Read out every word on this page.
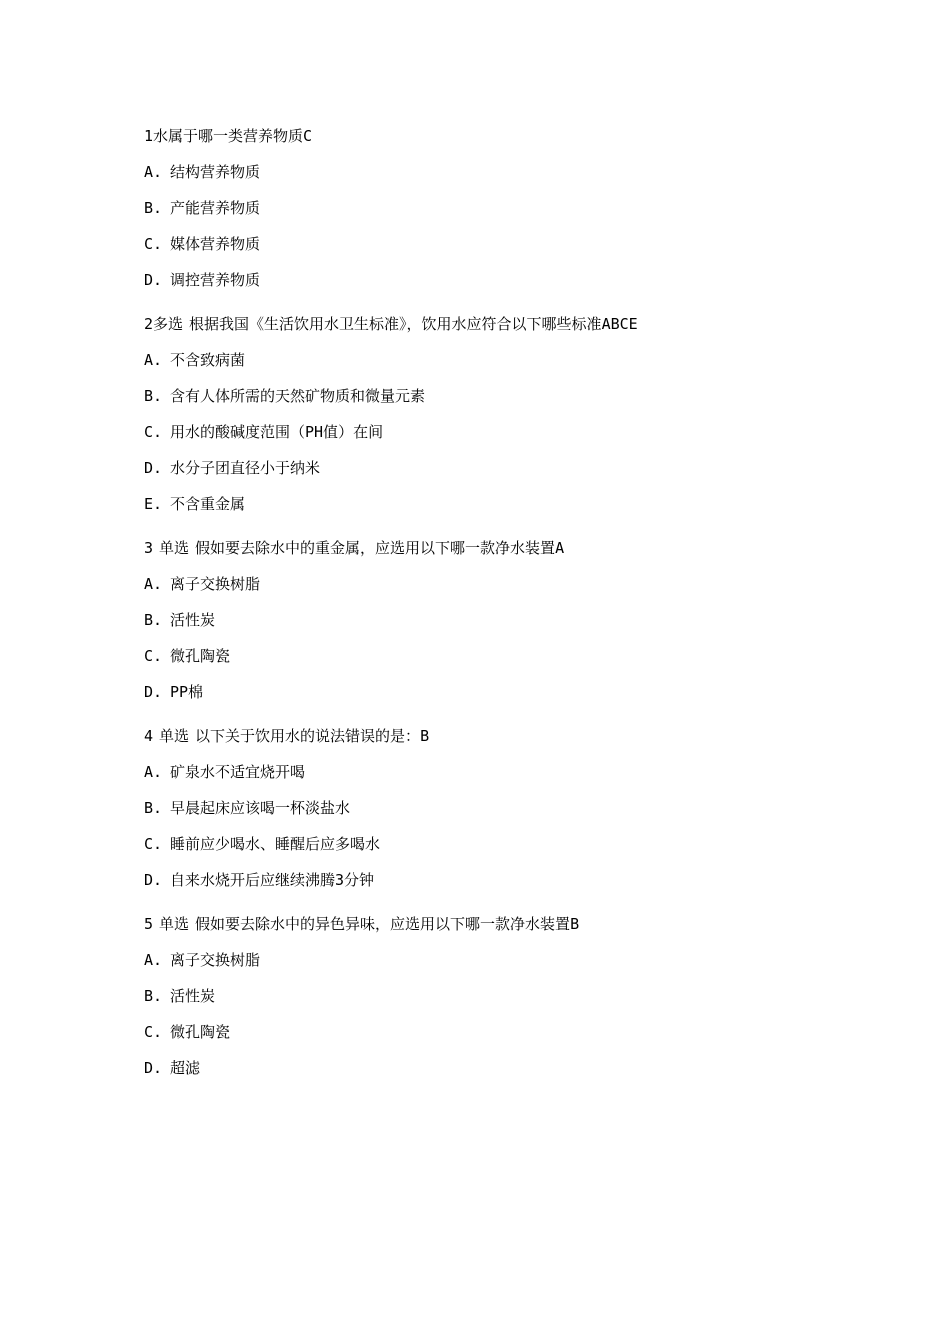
1水属于哪一类营养物质C
A. 结构营养物质
B. 产能营养物质
C. 媒体营养物质
D. 调控营养物质
2多选 根据我国《生活饮用水卫生标准》，饮用水应符合以下哪些标准ABCE
A. 不含致病菌
B. 含有人体所需的天然矿物质和微量元素
C. 用水的酸碱度范围（PH值）在间
D. 水分子团直径小于纳米
E. 不含重金属
3 单选 假如要去除水中的重金属，应选用以下哪一款净水装置A
A. 离子交换树脂
B. 活性炭
C. 微孔陶瓷
D. PP棉
4 单选 以下关于饮用水的说法错误的是：B
A. 矿泉水不适宜烧开喝
B. 早晨起床应该喝一杯淡盐水
C. 睡前应少喝水、睡醒后应多喝水
D. 自来水烧开后应继续沸腾3分钟
5 单选 假如要去除水中的异色异味，应选用以下哪一款净水装置B
A. 离子交换树脂
B. 活性炭
C. 微孔陶瓷
D. 超滤
